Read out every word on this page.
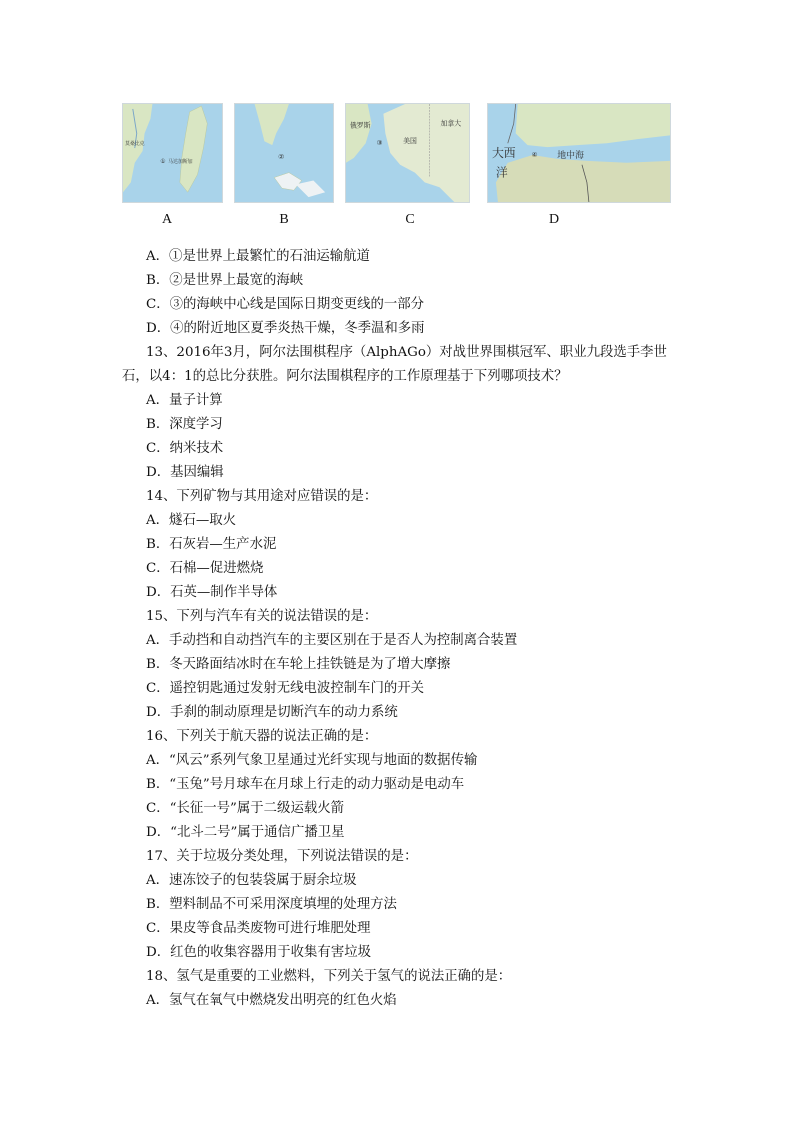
莫桑比克
① 马达加斯加
②
俄罗斯
③	美国
加拿大
大西
洋
④ 地中海
A	B	C	D
A．①是世界上最繁忙的石油运输航道
B．②是世界上最宽的海峡
C．③的海峡中心线是国际日期变更线的一部分
D．④的附近地区夏季炎热干燥，冬季温和多雨
13、2016年3月，阿尔法围棋程序（AlphAGo）对战世界围棋冠军、职业九段选手李世
石，以4：1的总比分获胜。阿尔法围棋程序的工作原理基于下列哪项技术？
A．量子计算
B．深度学习
C．纳米技术
D．基因编辑
14、下列矿物与其用途对应错误的是：
A．燧石—取火
B．石灰岩—生产水泥
C．石棉—促进燃烧
D．石英—制作半导体
15、下列与汽车有关的说法错误的是：
A．手动挡和自动挡汽车的主要区别在于是否人为控制离合装置
B．冬天路面结冰时在车轮上挂铁链是为了增大摩擦
C．遥控钥匙通过发射无线电波控制车门的开关
D．手刹的制动原理是切断汽车的动力系统
16、下列关于航天器的说法正确的是：
A．“风云”系列气象卫星通过光纤实现与地面的数据传输
B．“玉兔”号月球车在月球上行走的动力驱动是电动车
C．“长征一号”属于二级运载火箭
D．“北斗二号”属于通信广播卫星
17、关于垃圾分类处理，下列说法错误的是：
A．速冻饺子的包装袋属于厨余垃圾
B．塑料制品不可采用深度填埋的处理方法
C．果皮等食品类废物可进行堆肥处理
D．红色的收集容器用于收集有害垃圾
18、氢气是重要的工业燃料，下列关于氢气的说法正确的是：
A．氢气在氧气中燃烧发出明亮的红色火焰
